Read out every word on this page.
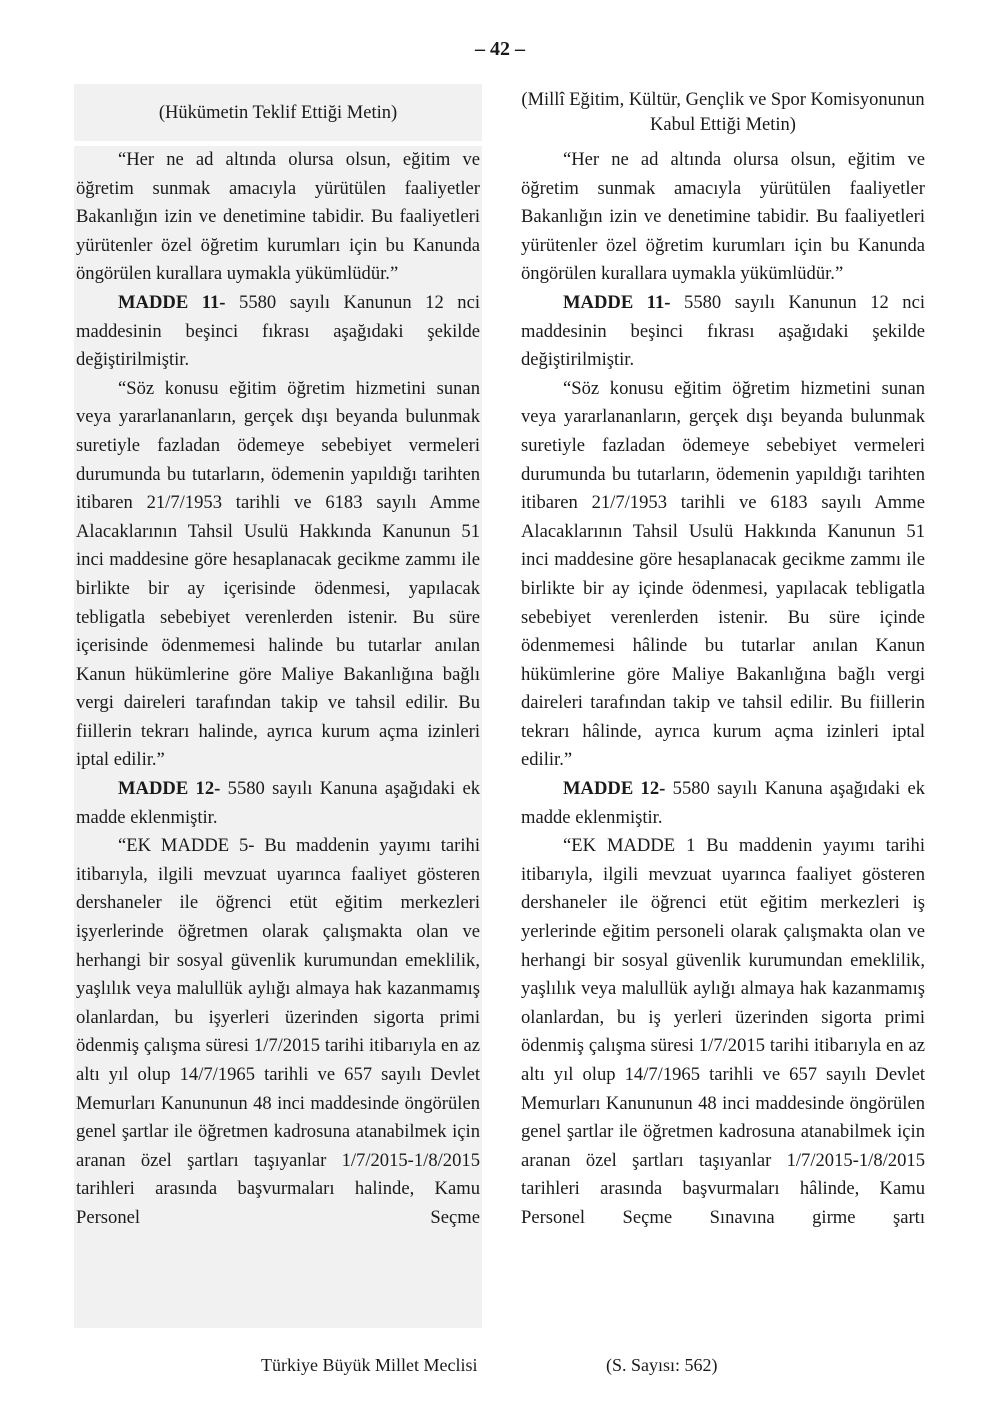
– 42 –
(Hükümetin Teklif Ettiği Metin)

“Her ne ad altında olursa olsun, eğitim ve öğretim sunmak amacıyla yürütülen faaliyetler Bakanlığın izin ve denetimine tabidir. Bu faaliyetleri yürütenler özel öğretim kurumları için bu Kanunda öngörülen kurallara uymakla yükümlüdür.”

MADDE 11- 5580 sayılı Kanunun 12 nci maddesinin beşinci fıkrası aşağıdaki şekilde değiştirilmiştir.

“Söz konusu eğitim öğretim hizmetini sunan veya yararlananların, gerçek dışı beyanda bulunmak suretiyle fazladan ödemeye sebebiyet vermeleri durumunda bu tutarların, ödemenin yapıldığı tarihten itibaren 21/7/1953 tarihli ve 6183 sayılı Amme Alacaklarının Tahsil Usulü Hakkında Kanunun 51 inci maddesine göre hesaplanacak gecikme zammı ile birlikte bir ay içerisinde ödenmesi, yapılacak tebligatla sebebiyet verenlerden istenir. Bu süre içerisinde ödenmemesi halinde bu tutarlar anılan Kanun hükümlerine göre Maliye Bakanlığına bağlı vergi daireleri tarafından takip ve tahsil edilir. Bu fiillerin tekrarı halinde, ayrıca kurum açma izinleri iptal edilir.”

MADDE 12- 5580 sayılı Kanuna aşağıdaki ek madde eklenmiştir.

“EK MADDE 5- Bu maddenin yayımı tarihi itibarıyla, ilgili mevzuat uyarınca faaliyet gösteren dershaneler ile öğrenci etüt eğitim merkezleri işyerlerinde öğretmen olarak çalışmakta olan ve herhangi bir sosyal güvenlik kurumundan emeklilik, yaşlılık veya malullük aylığı almaya hak kazanmamış olanlardan, bu işyerleri üzerinden sigorta primi ödenmiş çalışma süresi 1/7/2015 tarihi itibarıyla en az altı yıl olup 14/7/1965 tarihli ve 657 sayılı Devlet Memurları Kanununun 48 inci maddesinde öngörülen genel şartlar ile öğretmen kadrosuna atanabilmek için aranan özel şartları taşıyanlar 1/7/2015-1/8/2015 tarihleri arasında başvurmaları halinde, Kamu Personel Seçme

(Millî Eğitim, Kültür, Gençlik ve Spor Komisyonunun Kabul Ettiği Metin)

“Her ne ad altında olursa olsun, eğitim ve öğretim sunmak amacıyla yürütülen faaliyetler Bakanlığın izin ve denetimine tabidir. Bu faaliyetleri yürütenler özel öğretim kurumları için bu Kanunda öngörülen kurallara uymakla yükümlüdür.”

MADDE 11- 5580 sayılı Kanunun 12 nci maddesinin beşinci fıkrası aşağıdaki şekilde değiştirilmiştir.

“Söz konusu eğitim öğretim hizmetini sunan veya yararlananların, gerçek dışı beyanda bulunmak suretiyle fazladan ödemeye sebebiyet vermeleri durumunda bu tutarların, ödemenin yapıldığı tarihten itibaren 21/7/1953 tarihli ve 6183 sayılı Amme Alacaklarının Tahsil Usulü Hakkında Kanunun 51 inci maddesine göre hesaplanacak gecikme zammı ile birlikte bir ay içinde ödenmesi, yapılacak tebligatla sebebiyet verenlerden istenir. Bu süre içinde ödenmemesi hâlinde bu tutarlar anılan Kanun hükümlerine göre Maliye Bakanlığına bağlı vergi daireleri tarafından takip ve tahsil edilir. Bu fiillerin tekrarı hâlinde, ayrıca kurum açma izinleri iptal edilir.”

MADDE 12- 5580 sayılı Kanuna aşağıdaki ek madde eklenmiştir.

“EK MADDE 1 Bu maddenin yayımı tarihi itibarıyla, ilgili mevzuat uyarınca faaliyet gösteren dershaneler ile öğrenci etüt eğitim merkezleri iş yerlerinde eğitim personeli olarak çalışmakta olan ve herhangi bir sosyal güvenlik kurumundan emeklilik, yaşlılık veya malullük aylığı almaya hak kazanmamış olanlardan, bu iş yerleri üzerinden sigorta primi ödenmiş çalışma süresi 1/7/2015 tarihi itibarıyla en az altı yıl olup 14/7/1965 tarihli ve 657 sayılı Devlet Memurları Kanununun 48 inci maddesinde öngörülen genel şartlar ile öğretmen kadrosuna atanabilmek için aranan özel şartları taşıyanlar 1/7/2015-1/8/2015 tarihleri arasında başvurmaları hâlinde, Kamu Personel Seçme Sınavına girme şartı

Türkiye Büyük Millet Meclisi	(S. Sayısı: 562)
